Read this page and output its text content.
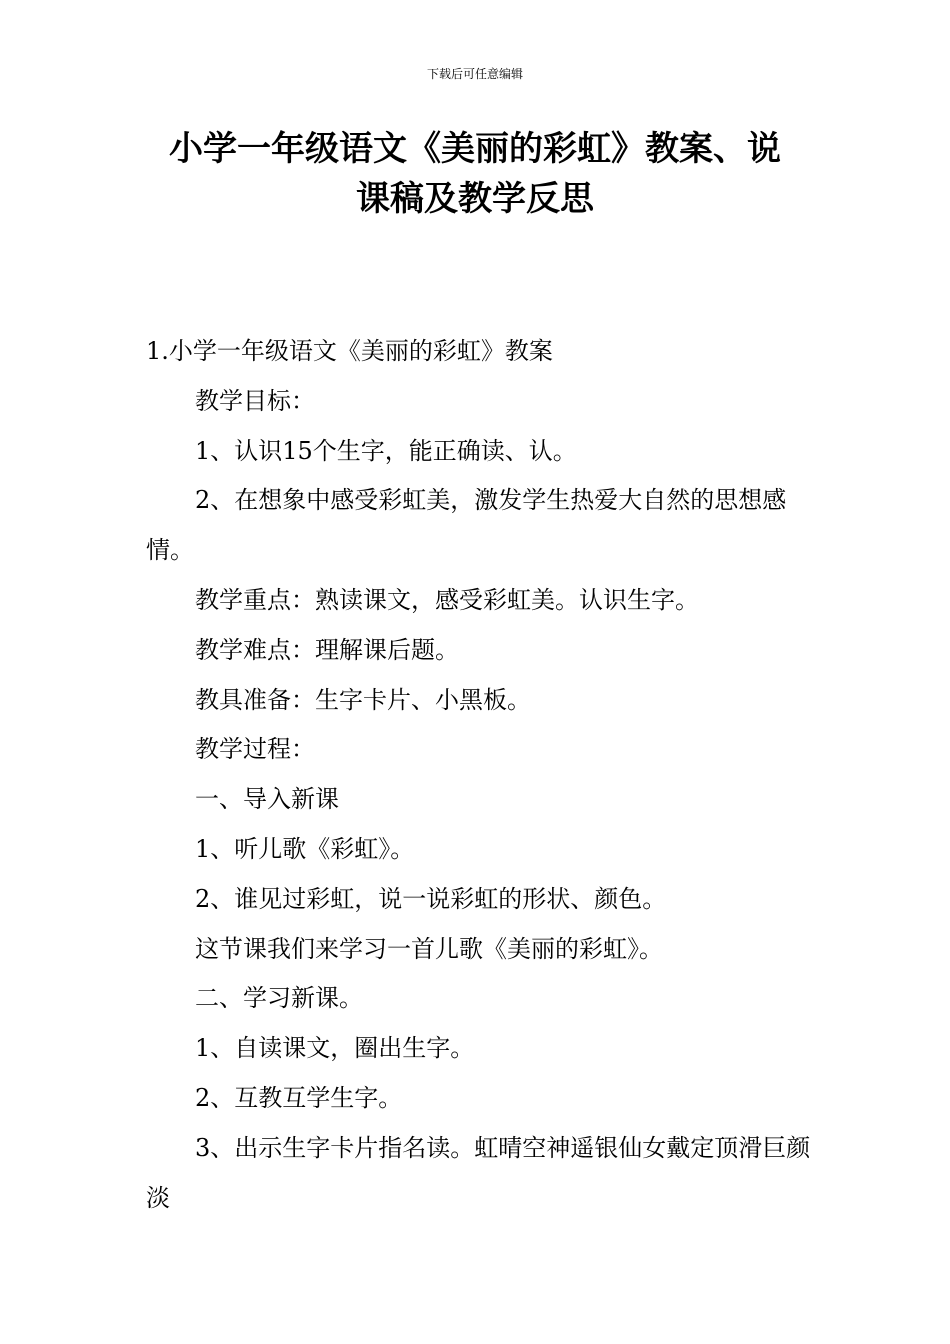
下载后可任意编辑
小学一年级语文《美丽的彩虹》教案、说
课稿及教学反思

1.小学一年级语文《美丽的彩虹》教案

教学目标：

1、认识15个生字，能正确读、认。

2、在想象中感受彩虹美，激发学生热爱大自然的思想感情。

教学重点：熟读课文，感受彩虹美。认识生字。

教学难点：理解课后题。

教具准备：生字卡片、小黑板。

教学过程：

一、导入新课

1、听儿歌《彩虹》。

2、谁见过彩虹，说一说彩虹的形状、颜色。

这节课我们来学习一首儿歌《美丽的彩虹》。

二、学习新课。

1、自读课文，圈出生字。

2、互教互学生字。

3、出示生字卡片指名读。虹晴空神遥银仙女戴定顶滑巨颜淡
